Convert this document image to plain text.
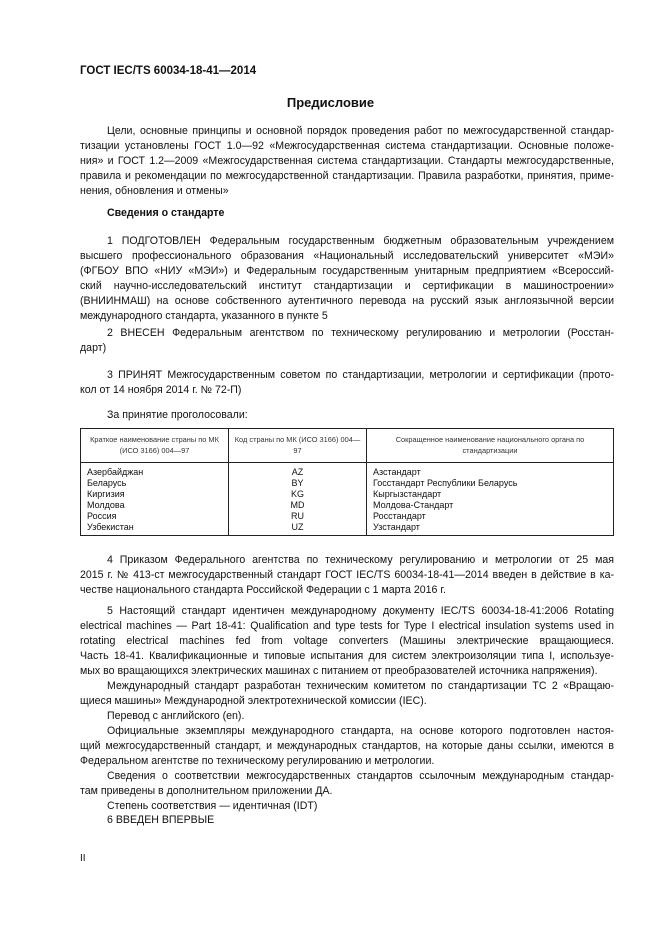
ГОСТ IEC/TS 60034-18-41—2014
Предисловие
Цели, основные принципы и основной порядок проведения работ по межгосударственной стандар-
тизации установлены ГОСТ 1.0—92 «Межгосударственная система стандартизации. Основные положе-
ния» и ГОСТ 1.2—2009 «Межгосударственная система стандартизации. Стандарты межгосударственные,
правила и рекомендации по межгосударственной стандартизации. Правила разработки, принятия, приме-
нения, обновления и отмены»
Сведения о стандарте
1 ПОДГОТОВЛЕН Федеральным государственным бюджетным образовательным учреждением
высшего профессионального образования «Национальный исследовательский университет «МЭИ»
(ФГБОУ ВПО «НИУ «МЭИ») и Федеральным государственным унитарным предприятием «Всероссий-
ский научно-исследовательский институт стандартизации и сертификации в машиностроении»
(ВНИИНМАШ) на основе собственного аутентичного перевода на русский язык англоязычной версии
международного стандарта, указанного в пункте 5
2 ВНЕСЕН Федеральным агентством по техническому регулированию и метрологии (Росстан-
дарт)
3 ПРИНЯТ Межгосударственным советом по стандартизации, метрологии и сертификации (прото-
кол от 14 ноября 2014 г. № 72-П)
За принятие проголосовали:
Краткое наименование страны по МК (ИСО 3166) 004—97	Код страны по МК (ИСО 3166) 004—97	Сокращенное наименование национального органа по стандартизации
Азербайджан	AZ	Азстандарт
Беларусь	BY	Госстандарт Республики Беларусь
Киргизия	KG	Кыргызстандарт
Молдова	MD	Молдова-Стандарт
Россия	RU	Росстандарт
Узбекистан	UZ	Узстандарт
4 Приказом Федерального агентства по техническому регулированию и метрологии от 25 мая
2015 г. № 413-ст межгосударственный стандарт ГОСТ IEC/TS 60034-18-41—2014 введен в действие в ка-
честве национального стандарта Российской Федерации с 1 марта 2016 г.
5 Настоящий стандарт идентичен международному документу IEC/TS 60034-18-41:2006 Rotating
electrical machines — Part 18-41: Qualification and type tests for Type I electrical insulation systems used in
rotating electrical machines fed from voltage converters (Машины электрические вращающиеся.
Часть 18-41. Квалификационные и типовые испытания для систем электроизоляции типа I, используе-
мых во вращающихся электрических машинах с питанием от преобразователей источника напряжения).
Международный стандарт разработан техническим комитетом по стандартизации ТС 2 «Вращаю-
щиеся машины» Международной электротехнической комиссии (IEC).
Перевод с английского (en).
Официальные экземпляры международного стандарта, на основе которого подготовлен настоя-
щий межгосударственный стандарт, и международных стандартов, на которые даны ссылки, имеются в
Федеральном агентстве по техническому регулированию и метрологии.
Сведения о соответствии межгосударственных стандартов ссылочным международным стандар-
там приведены в дополнительном приложении ДА.
Степень соответствия — идентичная (IDT)
6 ВВЕДЕН ВПЕРВЫЕ
II
